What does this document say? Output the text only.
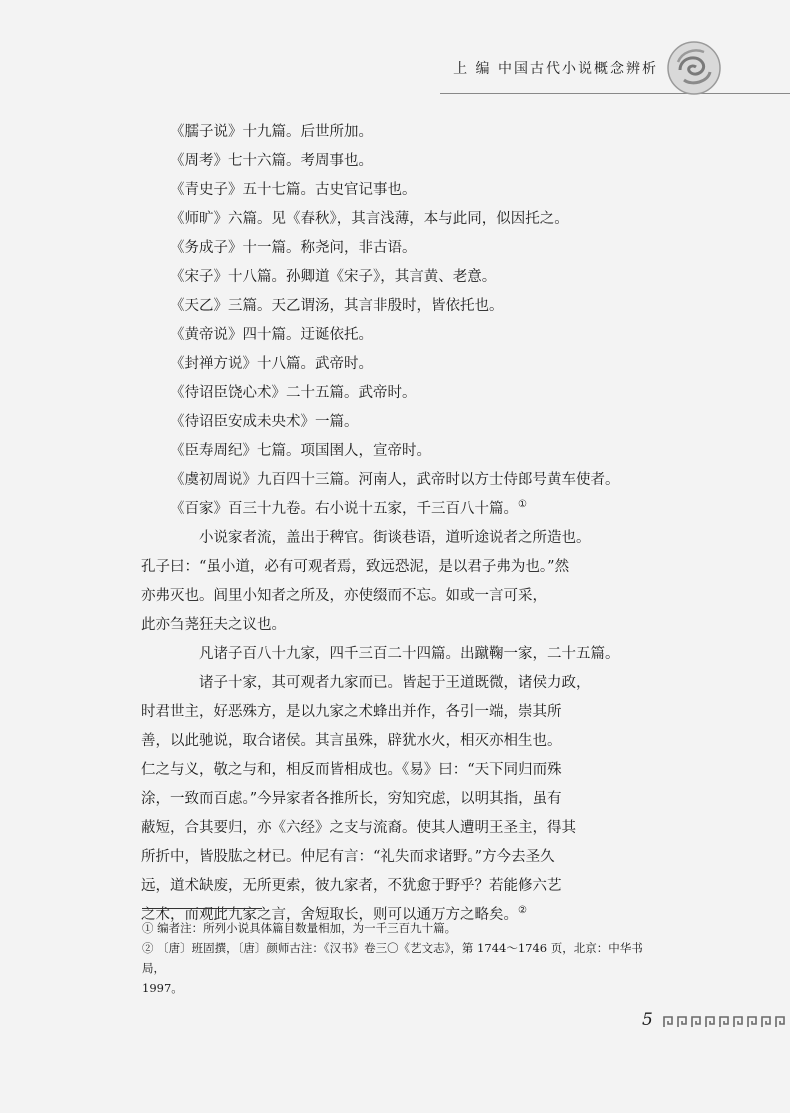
上 编 中国古代小说概念辨析
《臑子说》十九篇。后世所加。
《周考》七十六篇。考周事也。
《青史子》五十七篇。古史官记事也。
《师旷》六篇。见《春秋》，其言浅薄，本与此同，似因托之。
《务成子》十一篇。称尧问，非古语。
《宋子》十八篇。孙卿道《宋子》，其言黄、老意。
《天乙》三篇。天乙谓汤，其言非殷时，皆依托也。
《黄帝说》四十篇。迂诞依托。
《封禅方说》十八篇。武帝时。
《待诏臣饶心术》二十五篇。武帝时。
《待诏臣安成未央术》一篇。
《臣寿周纪》七篇。项国圉人，宣帝时。
《虞初周说》九百四十三篇。河南人，武帝时以方士侍郎号黄车使者。
《百家》百三十九卷。右小说十五家，千三百八十篇。①
小说家者流，盖出于稗官。街谈巷语，道听途说者之所造也。
孔子曰：“虽小道，必有可观者焉，致远恐泥，是以君子弗为也。”然
亦弗灭也。闾里小知者之所及，亦使缀而不忘。如或一言可采，
此亦刍荛狂夫之议也。
凡诸子百八十九家，四千三百二十四篇。出蹴鞠一家，二十五篇。
诸子十家，其可观者九家而已。皆起于王道既微，诸侯力政，
时君世主，好恶殊方，是以九家之术蜂出并作，各引一端，崇其所
善，以此驰说，取合诸侯。其言虽殊，辟犹水火，相灭亦相生也。
仁之与义，敬之与和，相反而皆相成也。《易》曰：“天下同归而殊
涂，一致而百虑。”今异家者各推所长，穷知究虑，以明其指，虽有
蔽短，合其要归，亦《六经》之支与流裔。使其人遭明王圣主，得其
所折中，皆股肱之材已。仲尼有言：“礼失而求诸野。”方今去圣久
远，道术缺废，无所更索，彼九家者，不犹愈于野乎？若能修六艺
之术，而观此九家之言，舍短取长，则可以通万方之略矣。②
① 编者注：所列小说具体篇目数量相加，为一千三百九十篇。
② 〔唐〕班固撰，〔唐〕颜师古注：《汉书》卷三〇《艺文志》，第 1744～1746 页，北京：中华书局，
1997。
5
